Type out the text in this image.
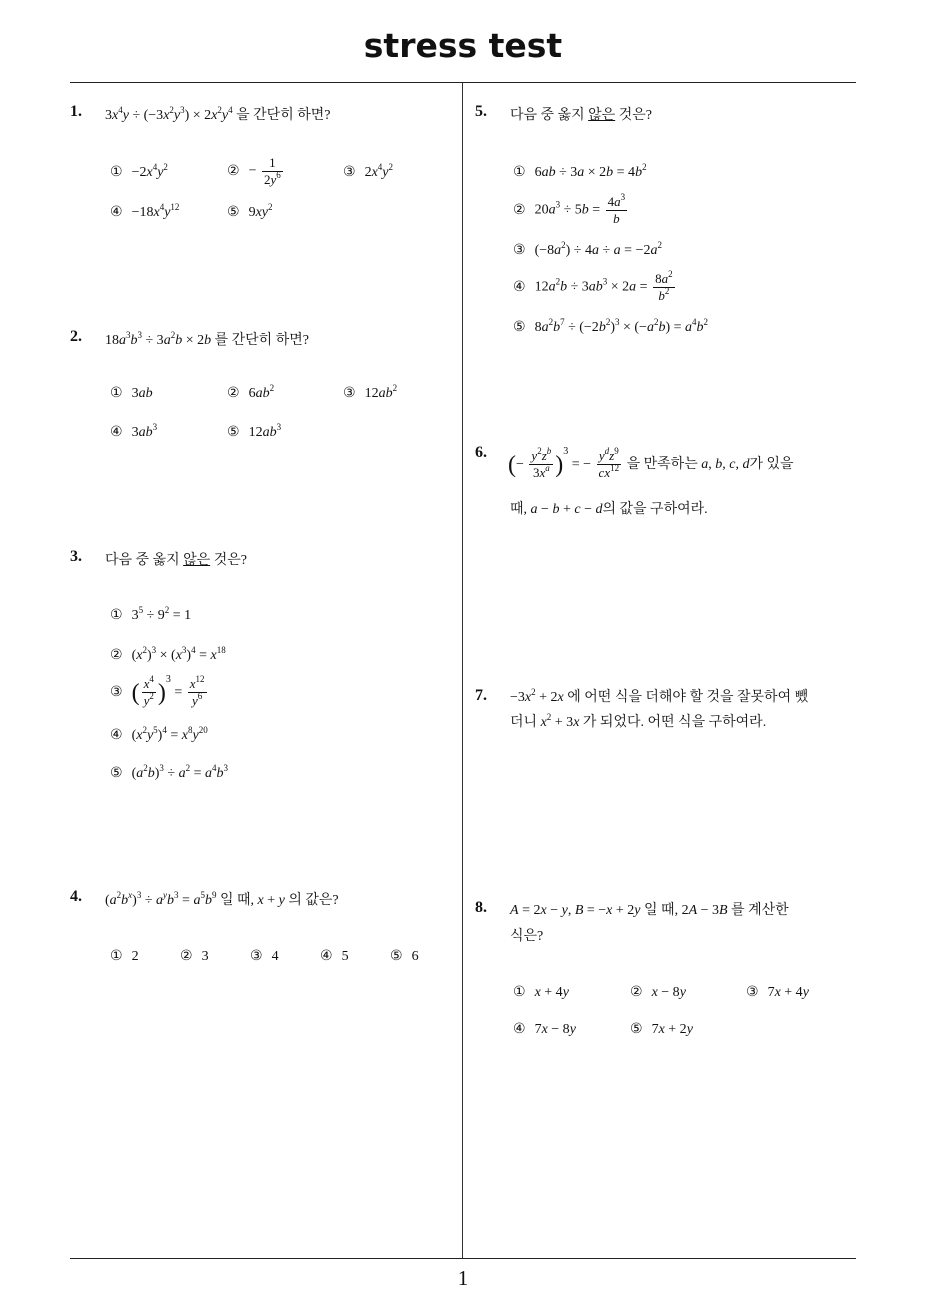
stress test
1
1. $3x^4y \div (-3x^2y^3) \times 2x^2y^4$ 을 간단히 하면?
① $-2x^4y^2$	② − $\frac{1}{2y^6}$	③ $2x^4y^2$
④ $-18x^4y^{12}$	⑤ $9xy^2$
2. $18a^3b^3 \div 3a^2b \times 2b$ 를 간단히 하면?
① 3ab	② $6ab^2$	③ $12ab^2$
④ $3ab^3$	⑤ $12ab^3$
3. 다음 중 옳지 않은 것은?
① $3^5 \div 9^2 = 1$
② $(x^2)^3 \times (x^3)^4 = x^{18}$
③ ( $\frac{x^4}{y^2} )^3 = \frac{x^{12}}{y^6}$
④ $(x^2y^5)^4 = x^8y^{20}$
⑤ $(a^2b)^3 \div a^2 = a^4b^3$
4. $(a^2b^x)^3 \div a^yb^3 = a^5b^9$ 일 때, x + y 의 값은?
① 2	② 3	③ 4	④ 5	⑤ 6
5. 다음 중 옳지 않은 것은?
① $6ab \div 3a \times 2b = 4b^2$
② $20a^3 \div 5b = \frac{4a^3}{b}$
③ $(-8a^2) \div 4a \div a = -2a^2$
④ $12a^2b \div 3ab^3 \times 2a = \frac{8a^2}{b^2}$
⑤ $8a^2b^7 \div (-2b^2)^3 \times (-a^2b) = a^4b^2$
6. (− $\frac{y^2z^b}{3x^a} )^3$ = − $\frac{y^dz^9}{cx^{12}}$ 을 만족하는 a, b, c, d가 있을
때, a − b + c − d의 값을 구하여라.
7. $-3x^2 + 2x$ 에 어떤 식을 더해야 할 것을 잘못하여 뺐
더니 $x^2 + 3x$ 가 되었다. 어떤 식을 구하여라.
8. A = 2x − y, B = −x + 2y 일 때, 2A − 3B 를 계산한
식은?
① x + 4y	② x − 8y	③ 7x + 4y
④ 7x − 8y	⑤ 7x + 2y
